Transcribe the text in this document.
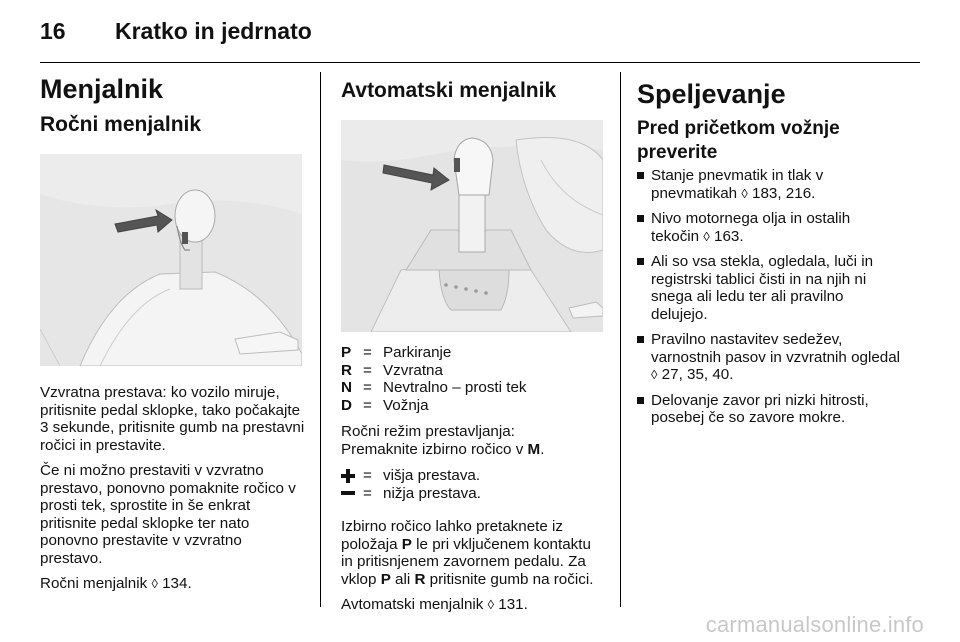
16 Kratko in jedrnato
Menjalnik
Ročni menjalnik

Vzvratna prestava: ko vozilo miruje, pritisnite pedal sklopke, tako počakajte 3 sekunde, pritisnite gumb na prestavni ročici in prestavite.

Če ni možno prestaviti v vzvratno prestavo, ponovno pomaknite ročico v prosti tek, sprostite in še enkrat pritisnite pedal sklopke ter nato ponovno prestavite v vzvratno prestavo.

Ročni menjalnik ◊ 134.

Avtomatski menjalnik
P = Parkiranje
R = Vzvratna
N = Nevtralno – prosti tek
D = Vožnja

Ročni režim prestavljanja:

Premaknite izbirno ročico v M.

= višja prestava.
= nižja prestava.

Izbirno ročico lahko pretaknete iz položaja P le pri vključenem kontaktu in pritisnjenem zavornem pedalu. Za vklop P ali R pritisnite gumb na ročici.

Avtomatski menjalnik ◊ 131.

Speljevanje
Pred pričetkom vožnje preverite
Stanje pnevmatik in tlak v pnevmatikah ◊ 183, 216.
Nivo motornega olja in ostalih tekočin ◊ 163.
Ali so vsa stekla, ogledala, luči in registrski tablici čisti in na njih ni snega ali ledu ter ali pravilno delujejo.
Pravilno nastavitev sedežev, varnostnih pasov in vzvratnih ogledal ◊ 27, 35, 40.
Delovanje zavor pri nizki hitrosti, posebej če so zavore mokre.
carmanualsonline.info
